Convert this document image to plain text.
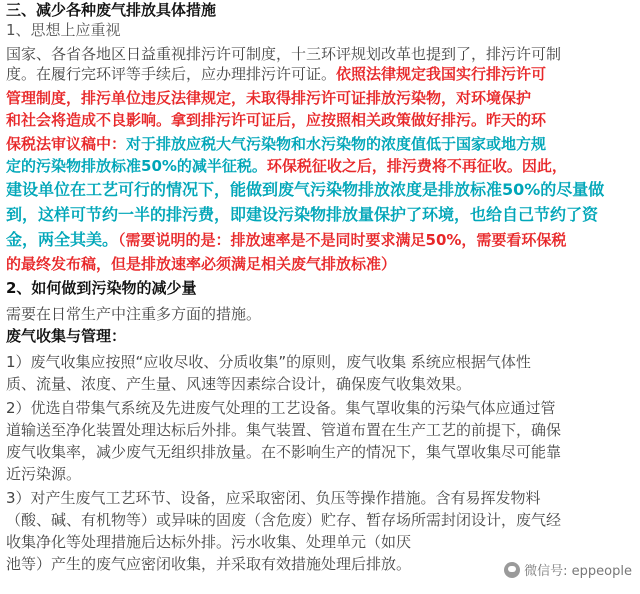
三、减少各种废气排放具体措施
1、思想上应重视
国家、各省各地区日益重视排污许可制度，十三环评规划改革也提到了，排污许可制
度。在履行完环评等手续后，应办理排污许可证。依照法律规定我国实行排污许可
管理制度，排污单位违反法律规定，未取得排污许可证排放污染物，对环境保护
和社会将造成不良影响。拿到排污许可证后，应按照相关政策做好排污。昨天的环
保税法审议稿中：对于排放应税大气污染物和水污染物的浓度值低于国家或地方规
定的污染物排放标准50%的减半征税。环保税征收之后，排污费将不再征收。因此，
建设单位在工艺可行的情况下，能做到废气污染物排放浓度是排放标准50%的尽量做
到，这样可节约一半的排污费，即建设污染物排放量保护了环境，也给自己节约了资
金，两全其美。（需要说明的是：排放速率是不是同时要求满足50%，需要看环保税
的最终发布稿，但是排放速率必须满足相关废气排放标准）
2、如何做到污染物的减少量
需要在日常生产中注重多方面的措施。
废气收集与管理：
1）废气收集应按照“应收尽收、分质收集”的原则，废气收集 系统应根据气体性
质、流量、浓度、产生量、风速等因素综合设计，确保废气收集效果。
2）优选自带集气系统及先进废气处理的工艺设备。集气罩收集的污染气体应通过管
道输送至净化装置处理达标后外排。集气装置、管道布置在生产工艺的前提下，确保
废气收集率，减少废气无组织排放量。在不影响生产的情况下，集气罩收集尽可能靠
近污染源。
3）对产生废气工艺环节、设备，应采取密闭、负压等操作措施。含有易挥发物料
（酸、碱、有机物等）或异味的固废（含危废）贮存、暂存场所需封闭设计，废气经
收集净化等处理措施后达标外排。污水收集、处理单元（如厌
池等）产生的废气应密闭收集，并采取有效措施处理后排放。	微信号: eppeople
